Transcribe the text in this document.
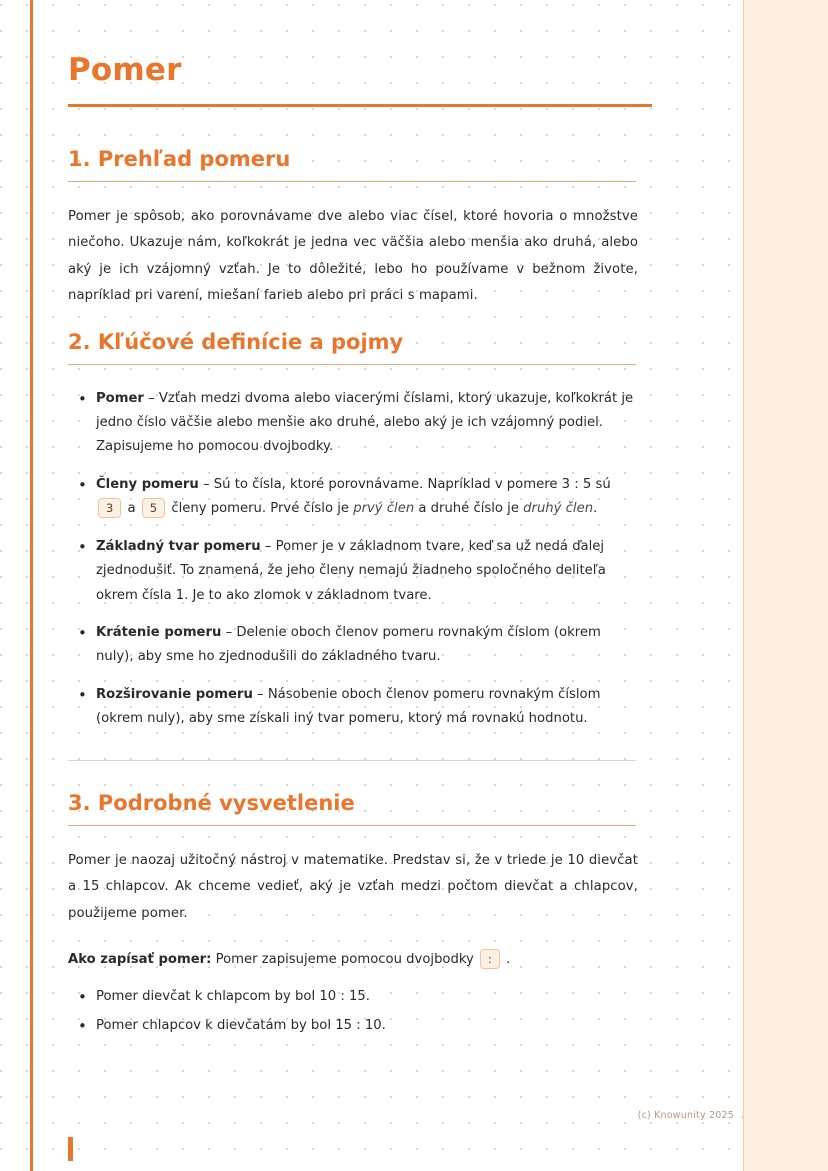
Pomer
1. Prehľad pomeru

Pomer je spôsob, ako porovnávame dve alebo viac čísel, ktoré hovoria o množstve niečoho. Ukazuje nám, koľkokrát je jedna vec väčšia alebo menšia ako druhá, alebo aký je ich vzájomný vzťah. Je to dôležité, lebo ho používame v bežnom živote, napríklad pri varení, miešaní farieb alebo pri práci s mapami.

2. Kľúčové definície a pojmy
• Pomer – Vzťah medzi dvoma alebo viacerými číslami, ktorý ukazuje, koľkokrát je jedno číslo väčšie alebo menšie ako druhé, alebo aký je ich vzájomný podiel. Zapisujeme ho pomocou dvojbodky.
• Členy pomeru – Sú to čísla, ktoré porovnávame. Napríklad v pomere 3 : 5 sú 3 a 5 členy pomeru. Prvé číslo je prvý člen a druhé číslo je druhý člen.
• Základný tvar pomeru – Pomer je v základnom tvare, keď sa už nedá ďalej zjednodušiť. To znamená, že jeho členy nemajú žiadneho spoločného deliteľa okrem čísla 1. Je to ako zlomok v základnom tvare.
• Krátenie pomeru – Delenie oboch členov pomeru rovnakým číslom (okrem nuly), aby sme ho zjednodušili do základného tvaru.
• Rozširovanie pomeru – Násobenie oboch členov pomeru rovnakým číslom (okrem nuly), aby sme získali iný tvar pomeru, ktorý má rovnakú hodnotu.
3. Podrobné vysvetlenie

Pomer je naozaj užitočný nástroj v matematike. Predstav si, že v triede je 10 dievčat a 15 chlapcov. Ak chceme vedieť, aký je vzťah medzi počtom dievčat a chlapcov, použijeme pomer.

Ako zapísať pomer: Pomer zapisujeme pomocou dvojbodky : .

• Pomer dievčat k chlapcom by bol 10 : 15.
• Pomer chlapcov k dievčatám by bol 15 : 10.
(c) Knowunity 2025 .
